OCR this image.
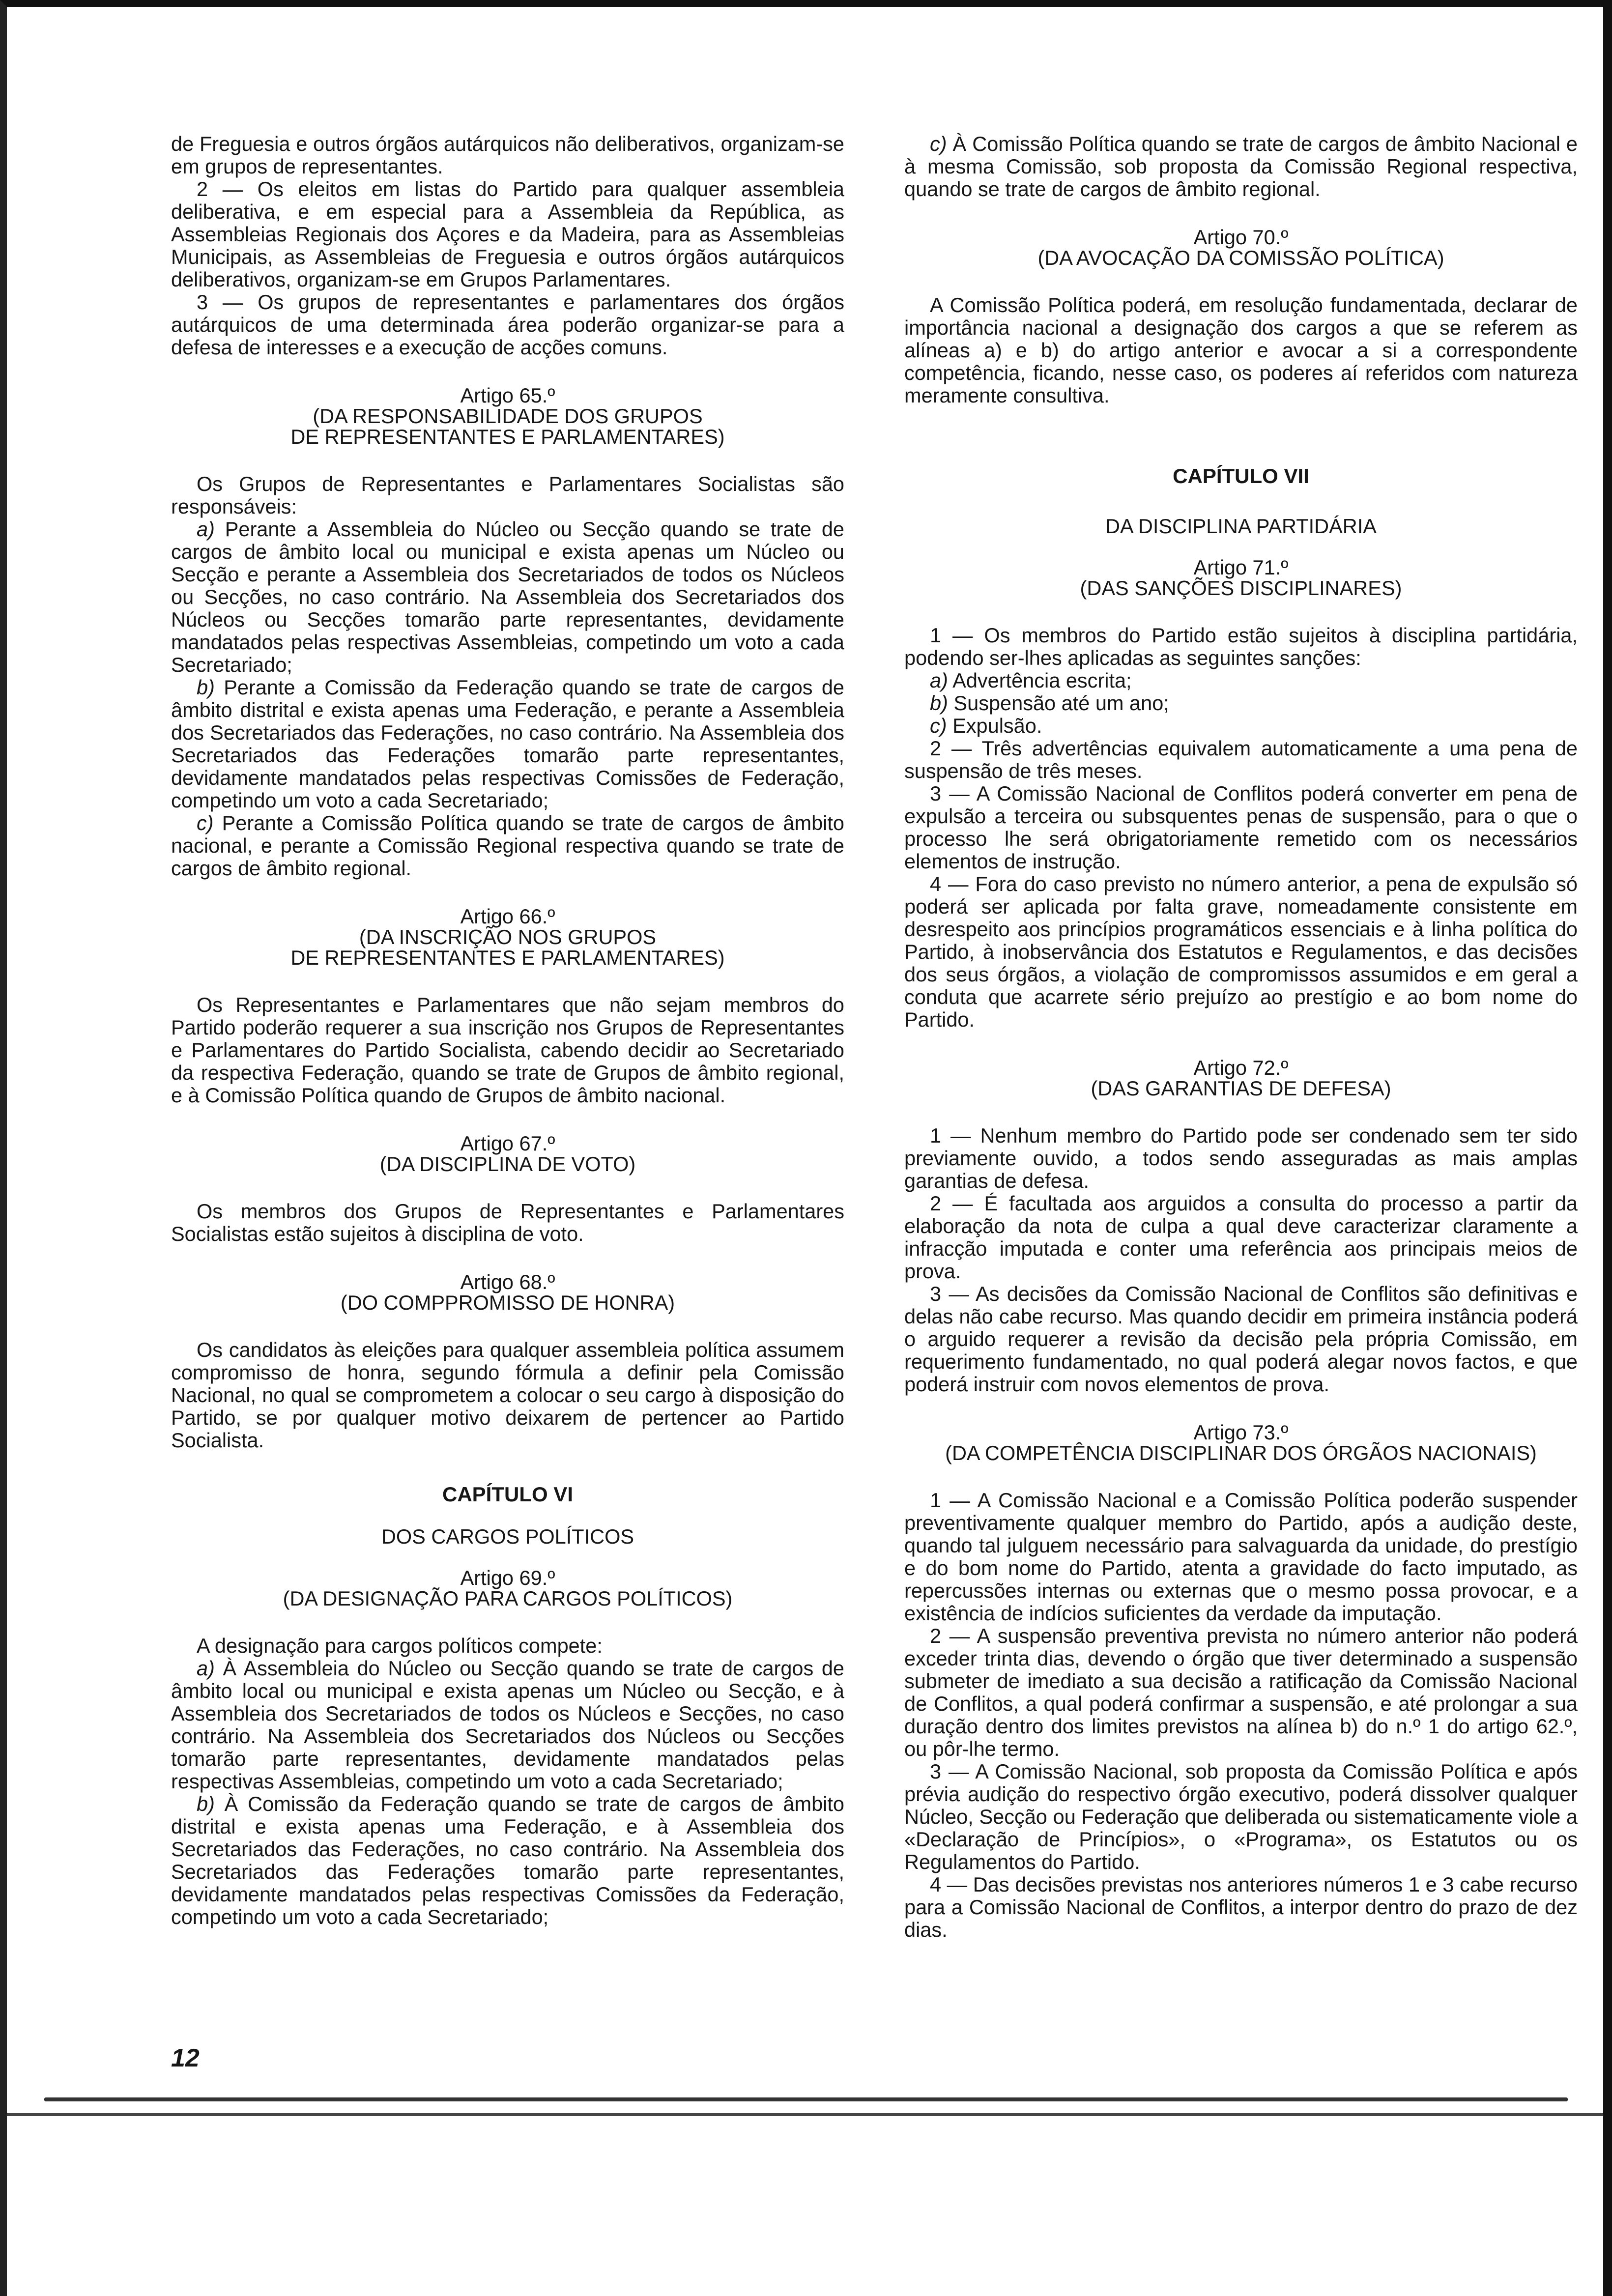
de Freguesia e outros órgãos autárquicos não deliberativos, organizam-se em grupos de representantes.

2 — Os eleitos em listas do Partido para qualquer assembleia deliberativa, e em especial para a Assembleia da República, as Assembleias Regionais dos Açores e da Madeira, para as Assembleias Municipais, as Assembleias de Freguesia e outros órgãos autárquicos deliberativos, organizam-se em Grupos Parlamentares.

3 — Os grupos de representantes e parlamentares dos órgãos autárquicos de uma determinada área poderão organizar-se para a defesa de interesses e a execução de acções comuns.

Artigo 65.º
(DA RESPONSABILIDADE DOS GRUPOS
DE REPRESENTANTES E PARLAMENTARES)

Os Grupos de Representantes e Parlamentares Socialistas são responsáveis:

a) Perante a Assembleia do Núcleo ou Secção quando se trate de cargos de âmbito local ou municipal e exista apenas um Núcleo ou Secção e perante a Assembleia dos Secretariados de todos os Núcleos ou Secções, no caso contrário. Na Assembleia dos Secretariados dos Núcleos ou Secções tomarão parte representantes, devidamente mandatados pelas respectivas Assembleias, competindo um voto a cada Secretariado;

b) Perante a Comissão da Federação quando se trate de cargos de âmbito distrital e exista apenas uma Federação, e perante a Assembleia dos Secretariados das Federações, no caso contrário. Na Assembleia dos Secretariados das Federações tomarão parte representantes, devidamente mandatados pelas respectivas Comissões de Federação, competindo um voto a cada Secretariado;

c) Perante a Comissão Política quando se trate de cargos de âmbito nacional, e perante a Comissão Regional respectiva quando se trate de cargos de âmbito regional.

Artigo 66.º
(DA INSCRIÇÃO NOS GRUPOS
DE REPRESENTANTES E PARLAMENTARES)

Os Representantes e Parlamentares que não sejam membros do Partido poderão requerer a sua inscrição nos Grupos de Representantes e Parlamentares do Partido Socialista, cabendo decidir ao Secretariado da respectiva Federação, quando se trate de Grupos de âmbito regional, e à Comissão Política quando de Grupos de âmbito nacional.

Artigo 67.º
(DA DISCIPLINA DE VOTO)

Os membros dos Grupos de Representantes e Parlamentares Socialistas estão sujeitos à disciplina de voto.

Artigo 68.º
(DO COMPPROMISSO DE HONRA)

Os candidatos às eleições para qualquer assembleia política assumem compromisso de honra, segundo fórmula a definir pela Comissão Nacional, no qual se comprometem a colocar o seu cargo à disposição do Partido, se por qualquer motivo deixarem de pertencer ao Partido Socialista.

CAPÍTULO VI
DOS CARGOS POLÍTICOS
Artigo 69.º
(DA DESIGNAÇÃO PARA CARGOS POLÍTICOS)

A designação para cargos políticos compete:

a) À Assembleia do Núcleo ou Secção quando se trate de cargos de âmbito local ou municipal e exista apenas um Núcleo ou Secção, e à Assembleia dos Secretariados de todos os Núcleos e Secções, no caso contrário. Na Assembleia dos Secretariados dos Núcleos ou Secções tomarão parte representantes, devidamente mandatados pelas respectivas Assembleias, competindo um voto a cada Secretariado;

b) À Comissão da Federação quando se trate de cargos de âmbito distrital e exista apenas uma Federação, e à Assembleia dos Secretariados das Federações, no caso contrário. Na Assembleia dos Secretariados das Federações tomarão parte representantes, devidamente mandatados pelas respectivas Comissões da Federação, competindo um voto a cada Secretariado;

c) À Comissão Política quando se trate de cargos de âmbito Nacional e à mesma Comissão, sob proposta da Comissão Regional respectiva, quando se trate de cargos de âmbito regional.

Artigo 70.º
(DA AVOCAÇÃO DA COMISSÃO POLÍTICA)

A Comissão Política poderá, em resolução fundamentada, declarar de importância nacional a designação dos cargos a que se referem as alíneas a) e b) do artigo anterior e avocar a si a correspondente competência, ficando, nesse caso, os poderes aí referidos com natureza meramente consultiva.

CAPÍTULO VII
DA DISCIPLINA PARTIDÁRIA
Artigo 71.º
(DAS SANÇÕES DISCIPLINARES)

1 — Os membros do Partido estão sujeitos à disciplina partidária, podendo ser-lhes aplicadas as seguintes sanções:

a) Advertência escrita;

b) Suspensão até um ano;

c) Expulsão.

2 — Três advertências equivalem automaticamente a uma pena de suspensão de três meses.

3 — A Comissão Nacional de Conflitos poderá converter em pena de expulsão a terceira ou subsquentes penas de suspensão, para o que o processo lhe será obrigatoriamente remetido com os necessários elementos de instrução.

4 — Fora do caso previsto no número anterior, a pena de expulsão só poderá ser aplicada por falta grave, nomeadamente consistente em desrespeito aos princípios programáticos essenciais e à linha política do Partido, à inobservância dos Estatutos e Regulamentos, e das decisões dos seus órgãos, a violação de compromissos assumidos e em geral a conduta que acarrete sério prejuízo ao prestígio e ao bom nome do Partido.

Artigo 72.º
(DAS GARANTIAS DE DEFESA)

1 — Nenhum membro do Partido pode ser condenado sem ter sido previamente ouvido, a todos sendo asseguradas as mais amplas garantias de defesa.

2 — É facultada aos arguidos a consulta do processo a partir da elaboração da nota de culpa a qual deve caracterizar claramente a infracção imputada e conter uma referência aos principais meios de prova.

3 — As decisões da Comissão Nacional de Conflitos são definitivas e delas não cabe recurso. Mas quando decidir em primeira instância poderá o arguido requerer a revisão da decisão pela própria Comissão, em requerimento fundamentado, no qual poderá alegar novos factos, e que poderá instruir com novos elementos de prova.

Artigo 73.º
(DA COMPETÊNCIA DISCIPLINAR DOS ÓRGÃOS NACIONAIS)

1 — A Comissão Nacional e a Comissão Política poderão suspender preventivamente qualquer membro do Partido, após a audição deste, quando tal julguem necessário para salvaguarda da unidade, do prestígio e do bom nome do Partido, atenta a gravidade do facto imputado, as repercussões internas ou externas que o mesmo possa provocar, e a existência de indícios suficientes da verdade da imputação.

2 — A suspensão preventiva prevista no número anterior não poderá exceder trinta dias, devendo o órgão que tiver determinado a suspensão submeter de imediato a sua decisão a ratificação da Comissão Nacional de Conflitos, a qual poderá confirmar a suspensão, e até prolongar a sua duração dentro dos limites previstos na alínea b) do n.º 1 do artigo 62.º, ou pôr-lhe termo.

3 — A Comissão Nacional, sob proposta da Comissão Política e após prévia audição do respectivo órgão executivo, poderá dissolver qualquer Núcleo, Secção ou Federação que deliberada ou sistematicamente viole a «Declaração de Princípios», o «Programa», os Estatutos ou os Regulamentos do Partido.

4 — Das decisões previstas nos anteriores números 1 e 3 cabe recurso para a Comissão Nacional de Conflitos, a interpor dentro do prazo de dez dias.

12
